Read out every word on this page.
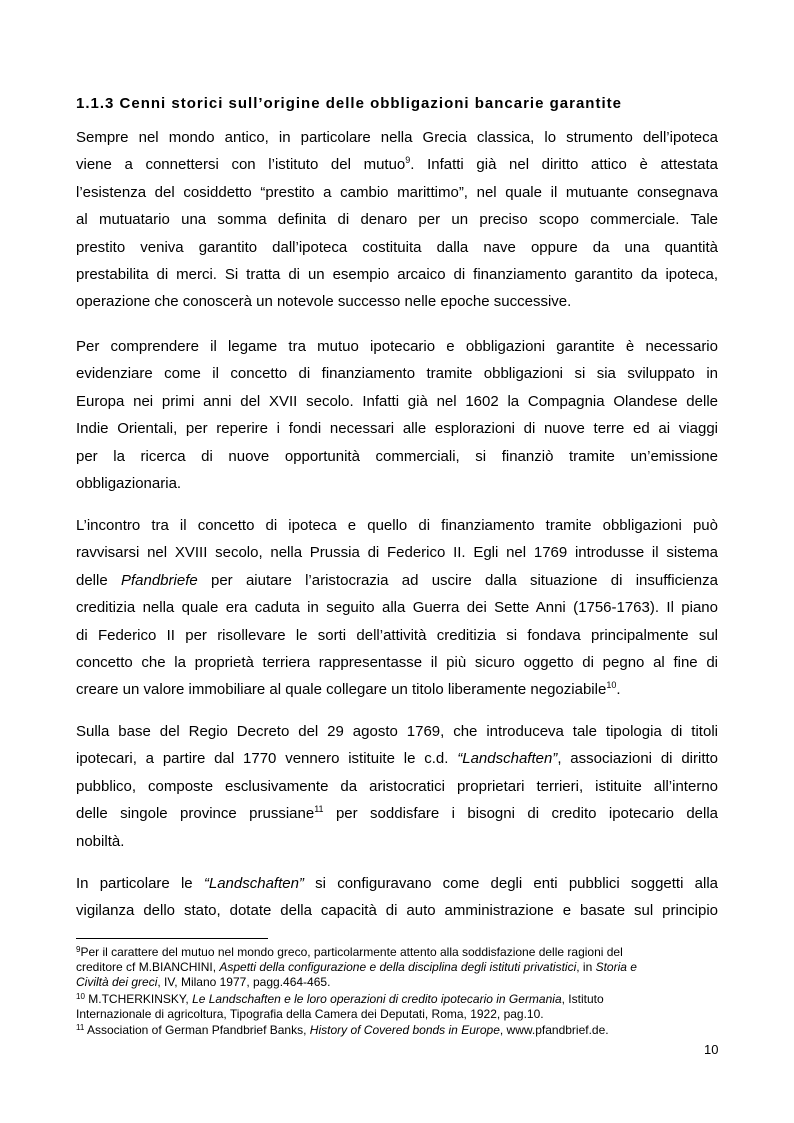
1.1.3 Cenni storici sull’origine delle obbligazioni bancarie garantite
Sempre nel mondo antico, in particolare nella Grecia classica, lo strumento dell’ipoteca
viene a connettersi con l’istituto del mutuo$^9$. Infatti già nel diritto attico è attestata
l’esistenza del cosiddetto “prestito a cambio marittimo”, nel quale il mutuante consegnava
al mutuatario una somma definita di denaro per un preciso scopo commerciale. Tale
prestito veniva garantito dall’ipoteca costituita dalla nave oppure da una quantità
prestabilita di merci. Si tratta di un esempio arcaico di finanziamento garantito da ipoteca,
operazione che conoscerà un notevole successo nelle epoche successive.
Per comprendere il legame tra mutuo ipotecario e obbligazioni garantite è necessario
evidenziare come il concetto di finanziamento tramite obbligazioni si sia sviluppato in
Europa nei primi anni del XVII secolo. Infatti già nel 1602 la Compagnia Olandese delle
Indie Orientali, per reperire i fondi necessari alle esplorazioni di nuove terre ed ai viaggi
per la ricerca di nuove opportunità commerciali, si finanziò tramite un’emissione
obbligazionaria.
L’incontro tra il concetto di ipoteca e quello di finanziamento tramite obbligazioni può
ravvisarsi nel XVIII secolo, nella Prussia di Federico II. Egli nel 1769 introdusse il sistema
delle Pfandbriefe per aiutare l’aristocrazia ad uscire dalla situazione di insufficienza
creditizia nella quale era caduta in seguito alla Guerra dei Sette Anni (1756-1763). Il piano
di Federico II per risollevare le sorti dell’attività creditizia si fondava principalmente sul
concetto che la proprietà terriera rappresentasse il più sicuro oggetto di pegno al fine di
creare un valore immobiliare al quale collegare un titolo liberamente negoziabile$^{10}$.
Sulla base del Regio Decreto del 29 agosto 1769, che introduceva tale tipologia di titoli
ipotecari, a partire dal 1770 vennero istituite le c.d. “Landschaften”, associazioni di diritto
pubblico, composte esclusivamente da aristocratici proprietari terrieri, istituite all’interno
delle singole province prussiane$^{11}$ per soddisfare i bisogni di credito ipotecario della
nobiltà.
In particolare le “Landschaften” si configuravano come degli enti pubblici soggetti alla
vigilanza dello stato, dotate della capacità di auto amministrazione e basate sul principio
$^9$Per il carattere del mutuo nel mondo greco, particolarmente attento alla soddisfazione delle ragioni del
creditore cf M.BIANCHINI, Aspetti della configurazione e della disciplina degli istituti privatistici, in Storia e
Civiltà dei greci, IV, Milano 1977, pagg.464-465.
$^{10}$ M.TCHERKINSKY, Le Landschaften e le loro operazioni di credito ipotecario in Germania, Istituto
Internazionale di agricoltura, Tipografia della Camera dei Deputati, Roma, 1922, pag.10.
$^{11}$ Association of German Pfandbrief Banks, History of Covered bonds in Europe, www.pfandbrief.de.
10
